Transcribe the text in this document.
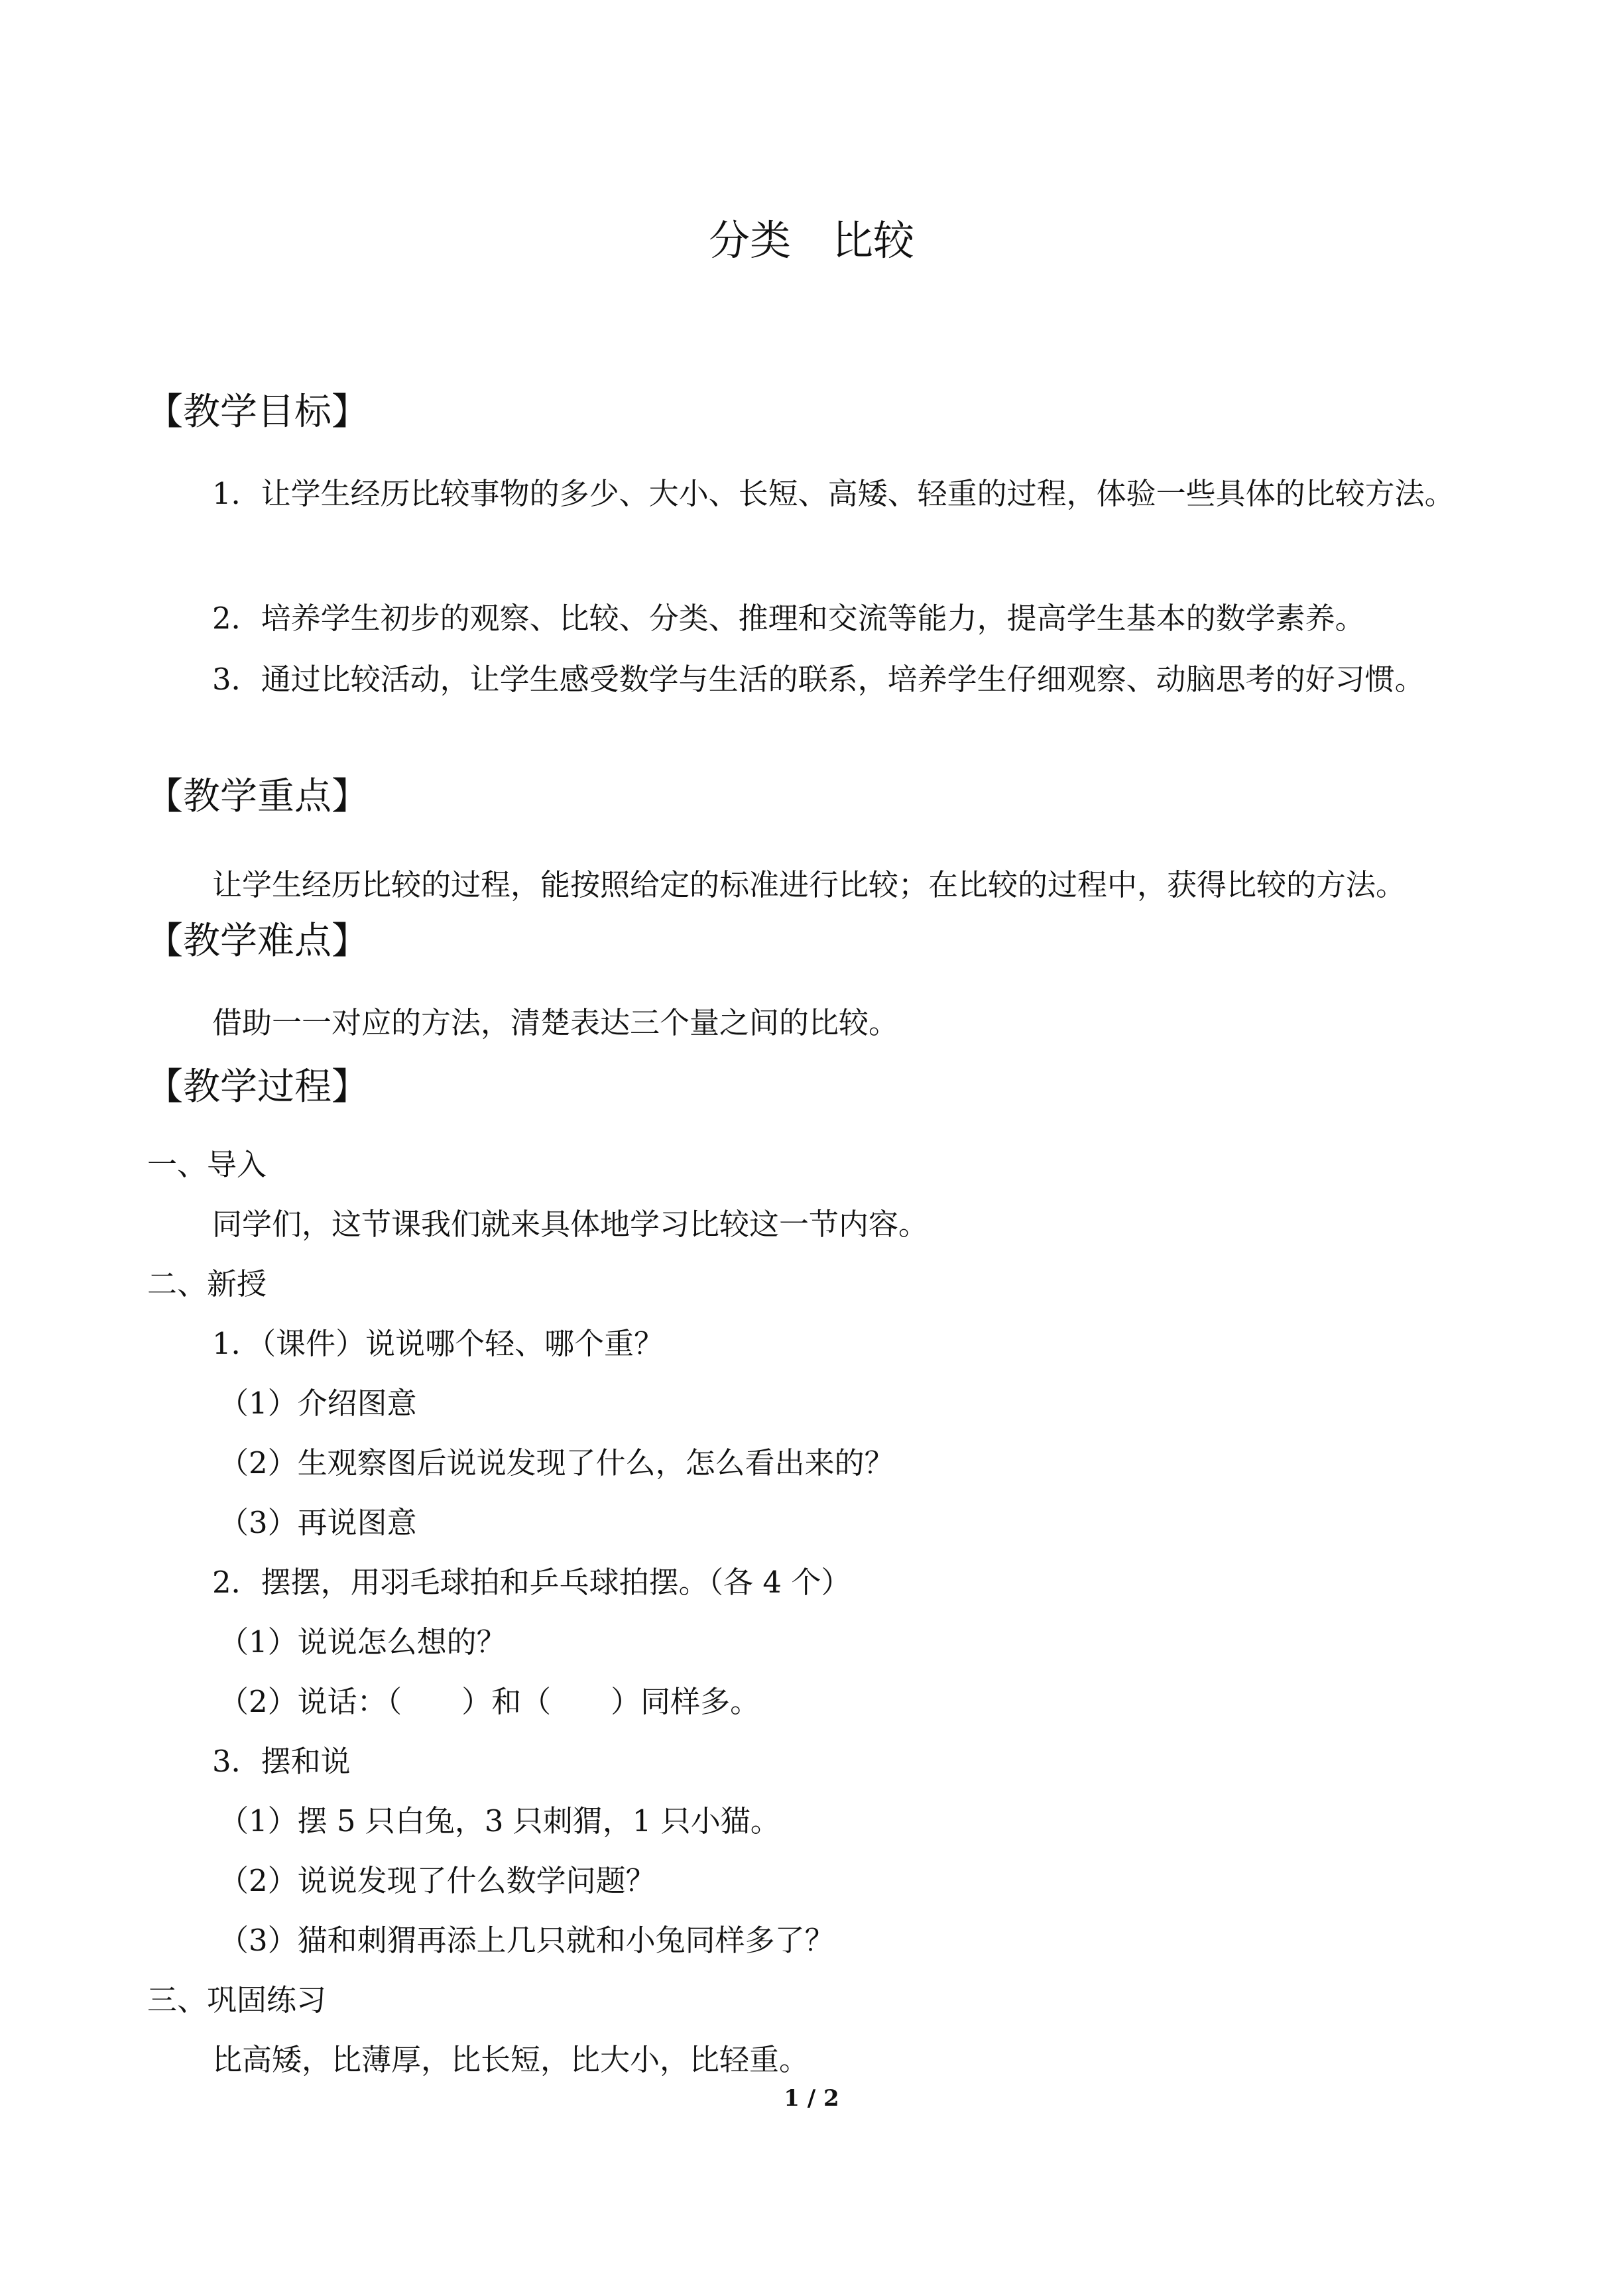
分类　比较
【教学目标】
1．让学生经历比较事物的多少、大小、长短、高矮、轻重的过程，体验一些具体的比较方法。
2．培养学生初步的观察、比较、分类、推理和交流等能力，提高学生基本的数学素养。
3．通过比较活动，让学生感受数学与生活的联系，培养学生仔细观察、动脑思考的好习惯。
【教学重点】
让学生经历比较的过程，能按照给定的标准进行比较；在比较的过程中，获得比较的方法。
【教学难点】
借助一一对应的方法，清楚表达三个量之间的比较。
【教学过程】
一、导入
同学们，这节课我们就来具体地学习比较这一节内容。
二、新授
1．（课件）说说哪个轻、哪个重？
（1）介绍图意
（2）生观察图后说说发现了什么，怎么看出来的？
（3）再说图意
2．摆摆，用羽毛球拍和乒乓球拍摆。（各 4 个）
（1）说说怎么想的？
（2）说话：（　　）和（　　）同样多。
3．摆和说
（1）摆 5 只白兔，3 只刺猬，1 只小猫。
（2）说说发现了什么数学问题？
（3）猫和刺猬再添上几只就和小兔同样多了？
三、巩固练习
比高矮，比薄厚，比长短，比大小，比轻重。
1 / 2
